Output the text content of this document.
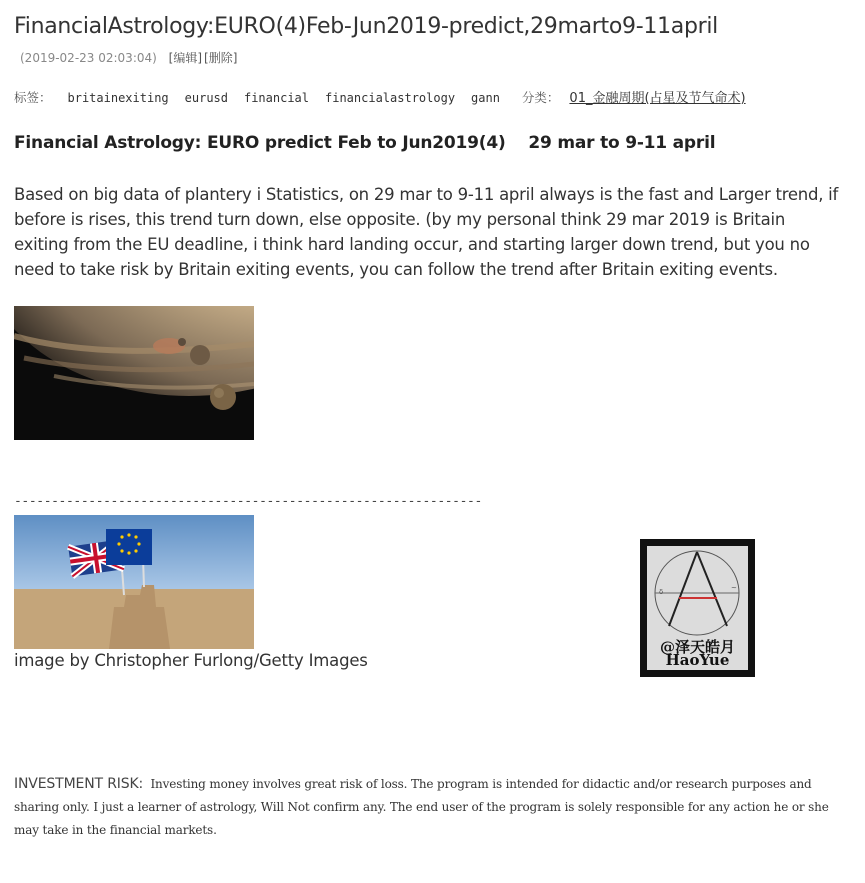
FinancialAstrology:EURO(4)Feb-Jun2019-predict,29marto9-11april
(2019-02-23 02:03:04) [编辑] [删除]
标签： britainexiting eurusd financial financialastrology gann 分类： 01_金融周期(占星及节气命术)
Financial Astrology: EURO predict Feb to Jun2019(4)    29 mar to 9-11 april
Based on big data of plantery i Statistics, on 29 mar to 9-11 april always is the fast and Larger trend, if before is rises, this trend turn down, else opposite. (by my personal think 29 mar 2019 is Britain exiting from the EU deadline, i think hard landing occur, and starting larger down trend, but you no need to take risk by Britain exiting events, you can follow the trend after Britain exiting events.
---------------------------------------------------------------
image by Christopher Furlong/Getty Images
δ	~
@泽天皓月
HaoYue
INVESTMENT RISK: Investing money involves great risk of loss. The program is intended for didactic and/or research purposes and sharing only. I just a learner of astrology, Will Not confirm any. The end user of the program is solely responsible for any action he or she may take in the financial markets.
